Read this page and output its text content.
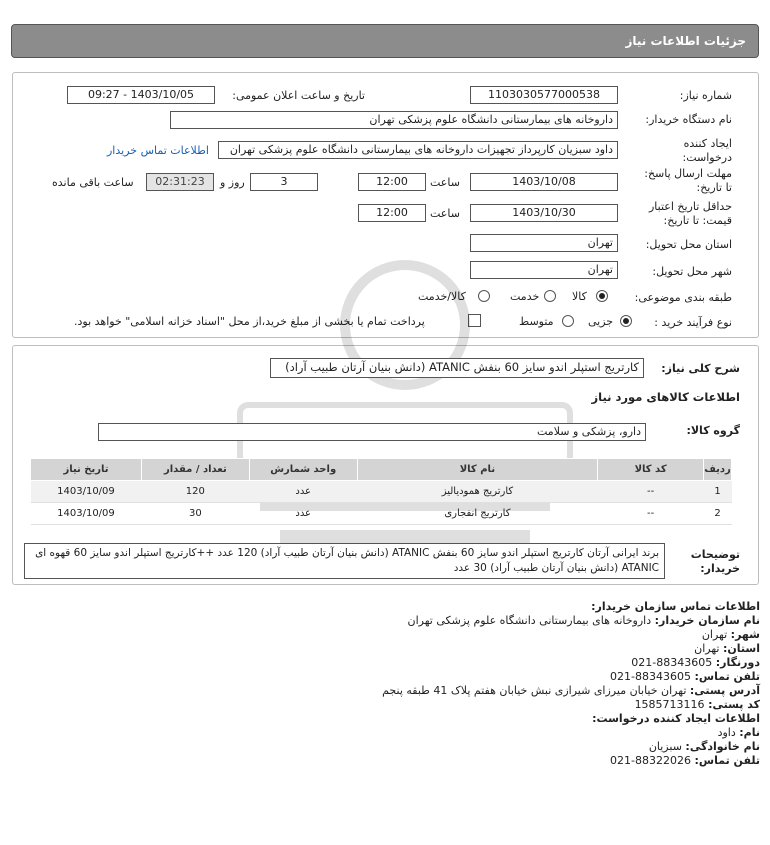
جزئیات اطلاعات نیاز
شماره نیاز:
1103030577000538
تاریخ و ساعت اعلان عمومی:
1403/10/05 - 09:27
نام دستگاه خریدار:
داروخانه های بیمارستانی دانشگاه علوم پزشکی تهران
ایجاد کننده
درخواست:
داود سبزیان کارپرداز تجهیزات داروخانه های بیمارستانی دانشگاه علوم پزشکی تهران
اطلاعات تماس خریدار
مهلت ارسال پاسخ:
تا تاریخ:
1403/10/08
ساعت
12:00
3
روز و
02:31:23
ساعت باقی مانده
حداقل تاریخ اعتبار
قیمت: تا تاریخ:
1403/10/30
ساعت
12:00
استان محل تحویل:
تهران
شهر محل تحویل:
تهران
طبقه بندی موضوعی:
کالا
خدمت
کالا/خدمت
نوع فرآیند خرید :
جزیی
متوسط
پرداخت تمام یا بخشی از مبلغ خرید،از محل "اسناد خزانه اسلامی" خواهد بود.
شرح کلی نیاز:
کارتریج استپلر اندو سایز 60 بنفش ATANIC (دانش بنیان آرتان طبیب آراد)
اطلاعات کالاهای مورد نیاز
گروه کالا:
دارو، پزشکی و سلامت
ردیف	کد کالا	نام کالا	واحد شمارش	تعداد / مقدار	تاریخ نیاز
1	--	کارتریج همودیالیز	عدد	120	1403/10/09
2	--	کارتریج انفجاری	عدد	30	1403/10/09
توضیحات
خریدار:
برند ایرانی آرتان کارتریج استپلر اندو سایز 60 بنفش ATANIC (دانش بنیان آرتان طبیب آراد) 120 عدد ++کارتریج استپلر اندو سایز 60 قهوه ای ATANIC (دانش بنیان آرتان طبیب آراد) 30 عدد
اطلاعات تماس سازمان خریدار:
نام سازمان خریدار: داروخانه های بیمارستانی دانشگاه علوم پزشکی تهران
شهر: تهران
استان: تهران
دورنگار: 88343605-021
تلفن تماس: 88343605-021
آدرس پستی: تهران خیابان میرزای شیرازی نبش خیابان هفتم پلاک 41 طبقه پنجم
کد پستی: 1585713116
اطلاعات ایجاد کننده درخواست:
نام: داود
نام خانوادگی: سبزیان
تلفن تماس: 88322026-021
